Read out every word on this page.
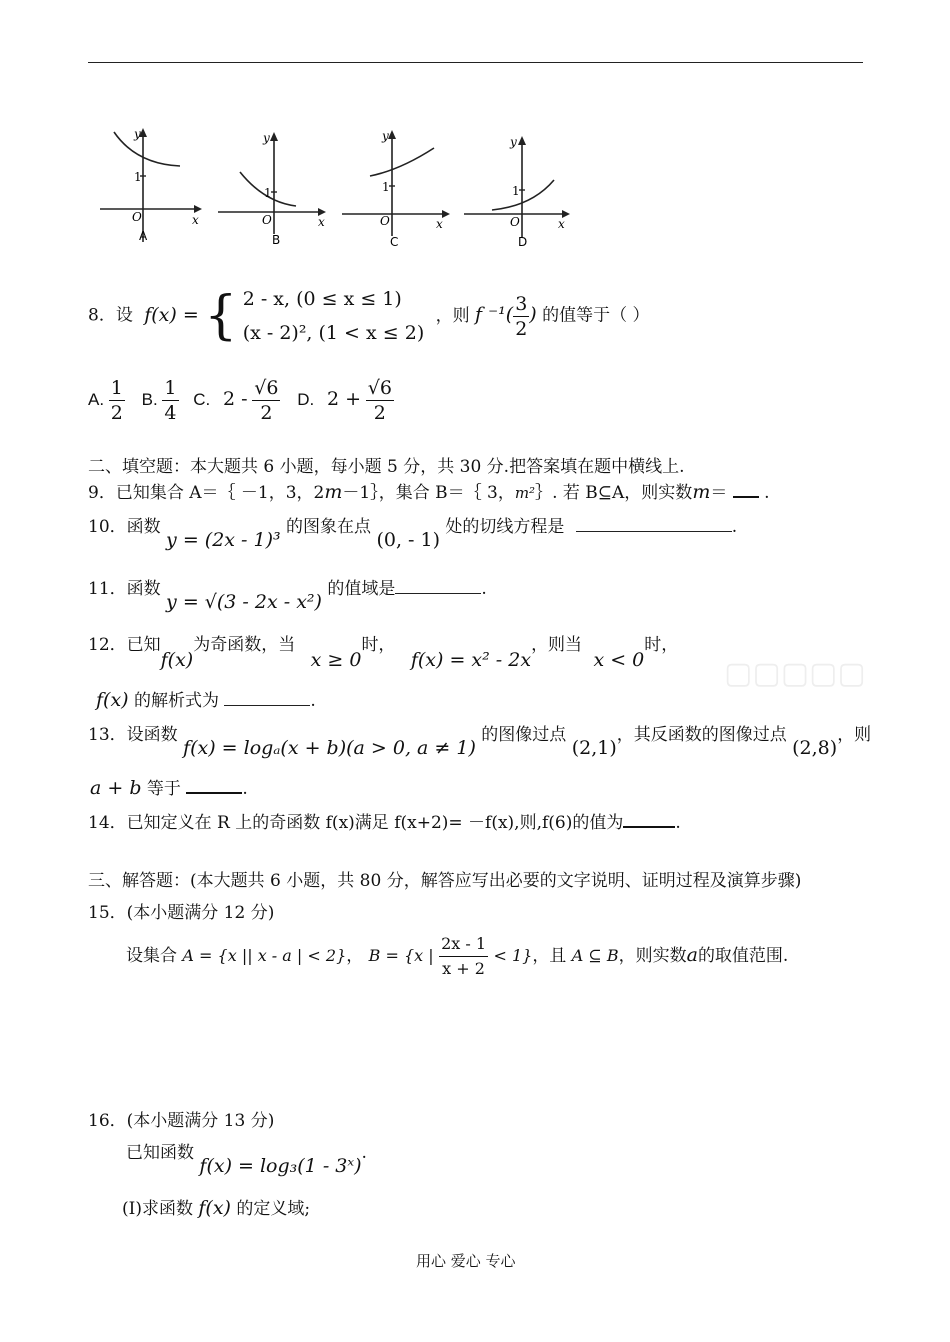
y
x
O
1
A
y
x
O
1
B
y
x
O
1
C
y
x
O
1
D
8．设 f(x) = { 2 - x, (0 ≤ x ≤ 1)
(x - 2)², (1 < x ≤ 2)
，则 f $^{-1}( \frac{3}{2}$ ) 的值等于（ ）
A. $\frac{1}{2} B$. $\frac{1}{4} C$. $2 - \frac{√6}{2} D$. $2 + \frac{√6}{2}$
二、填空题：本大题共 6 小题，每小题 5 分，共 30 分.把答案填在题中横线上.
9．已知集合 A＝｛ －1，3，2m－1｝，集合 B＝｛ 3，m²｝. 若 B⊆A，则实数m＝ .
10．函数 y = (2x - 1)³ 的图象在点 (0, - 1) 处的切线方程是	.
11．函数 y = √(3 - 2x - x²) 的值域是	.
12．已知f(x)为奇函数，当 x ≥ 0时， f(x) = x² - 2x，则当 x < 0时，
▢▢▢▢▢
f(x) 的解析式为	.
13．设函数 f(x) = logₐ(x + b)(a > 0, a ≠ 1) 的图像过点 (2,1)，其反函数的图像过点 (2,8)，则
a + b 等于	.
14．已知定义在 R 上的奇函数 f(x)满足 f(x+2)= －f(x),则,f(6)的值为	.
三、解答题：(本大题共 6 小题，共 80 分，解答应写出必要的文字说明、证明过程及演算步骤)
15．(本小题满分 12 分)
设集合 A = {x || x - a | < 2}， B = {x | $\frac{2x - 1}{x + 2} < 1$}，且 A ⊆ B，则实数a的取值范围.
16．(本小题满分 13 分)
已知函数 f(x) = log₃(1 - 3ˣ).
(Ⅰ)求函数 f(x) 的定义域;
用心 爱心 专心
